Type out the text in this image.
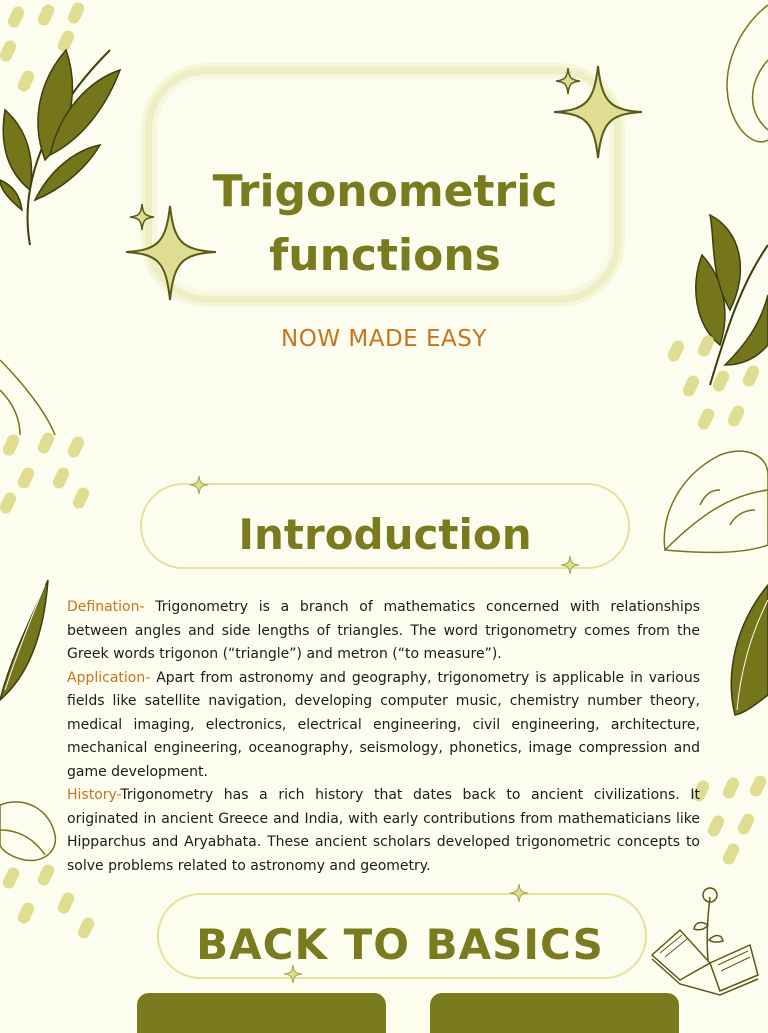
Trigonometric
functions
NOW MADE EASY
Introduction

Defination- Trigonometry is a branch of mathematics concerned with relationships between angles and side lengths of triangles. The word trigonometry comes from the Greek words trigonon (“triangle”) and metron (“to measure”).

Application- Apart from astronomy and geography, trigonometry is applicable in various fields like satellite navigation, developing computer music, chemistry number theory, medical imaging, electronics, electrical engineering, civil engineering, architecture, mechanical engineering, oceanography, seismology, phonetics, image compression and game development.

History-Trigonometry has a rich history that dates back to ancient civilizations. It originated in ancient Greece and India, with early contributions from mathematicians like Hipparchus and Aryabhata. These ancient scholars developed trigonometric concepts to solve problems related to astronomy and geometry.

BACK TO BASICS
